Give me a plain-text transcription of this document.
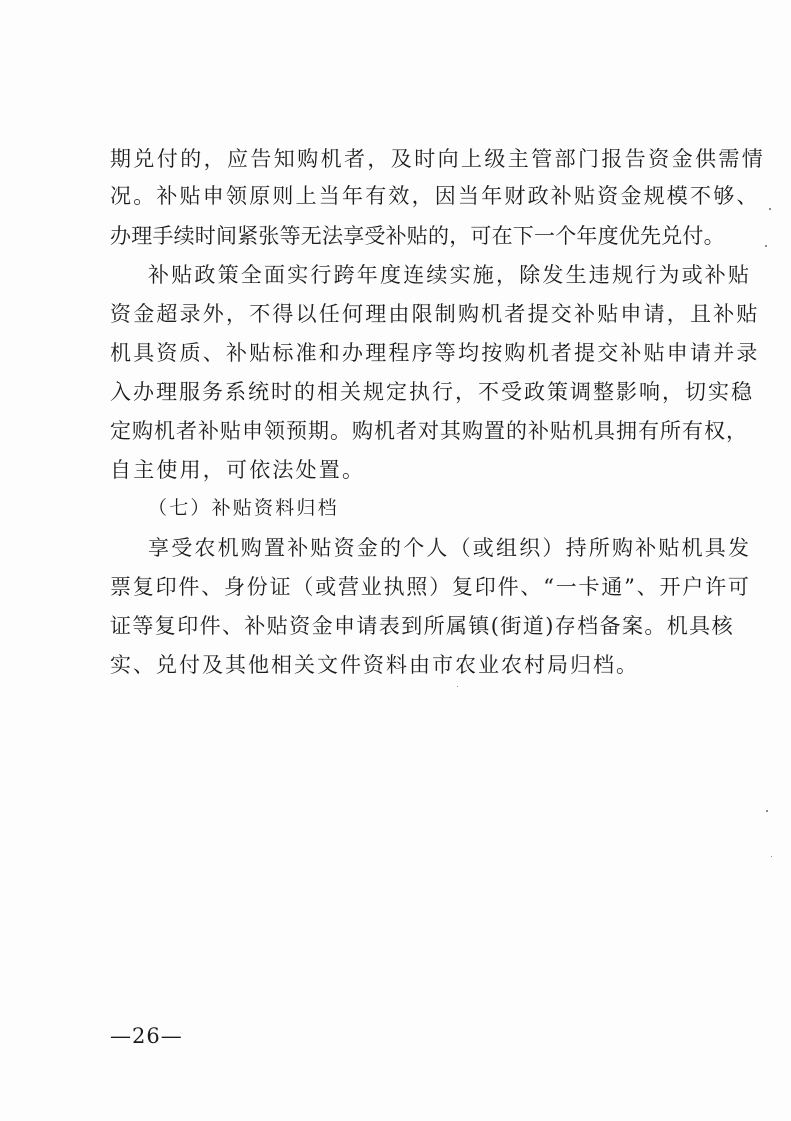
期兑付的，应告知购机者，及时向上级主管部门报告资金供需情
况。补贴申领原则上当年有效，因当年财政补贴资金规模不够、
办理手续时间紧张等无法享受补贴的，可在下一个年度优先兑付。
补贴政策全面实行跨年度连续实施，除发生违规行为或补贴
资金超录外，不得以任何理由限制购机者提交补贴申请，且补贴
机具资质、补贴标准和办理程序等均按购机者提交补贴申请并录
入办理服务系统时的相关规定执行，不受政策调整影响，切实稳
定购机者补贴申领预期。购机者对其购置的补贴机具拥有所有权，
自主使用，可依法处置。
（七）补贴资料归档
享受农机购置补贴资金的个人（或组织）持所购补贴机具发
票复印件、身份证（或营业执照）复印件、“一卡通”、开户许可
证等复印件、补贴资金申请表到所属镇(街道)存档备案。机具核
实、兑付及其他相关文件资料由市农业农村局归档。
—26—
